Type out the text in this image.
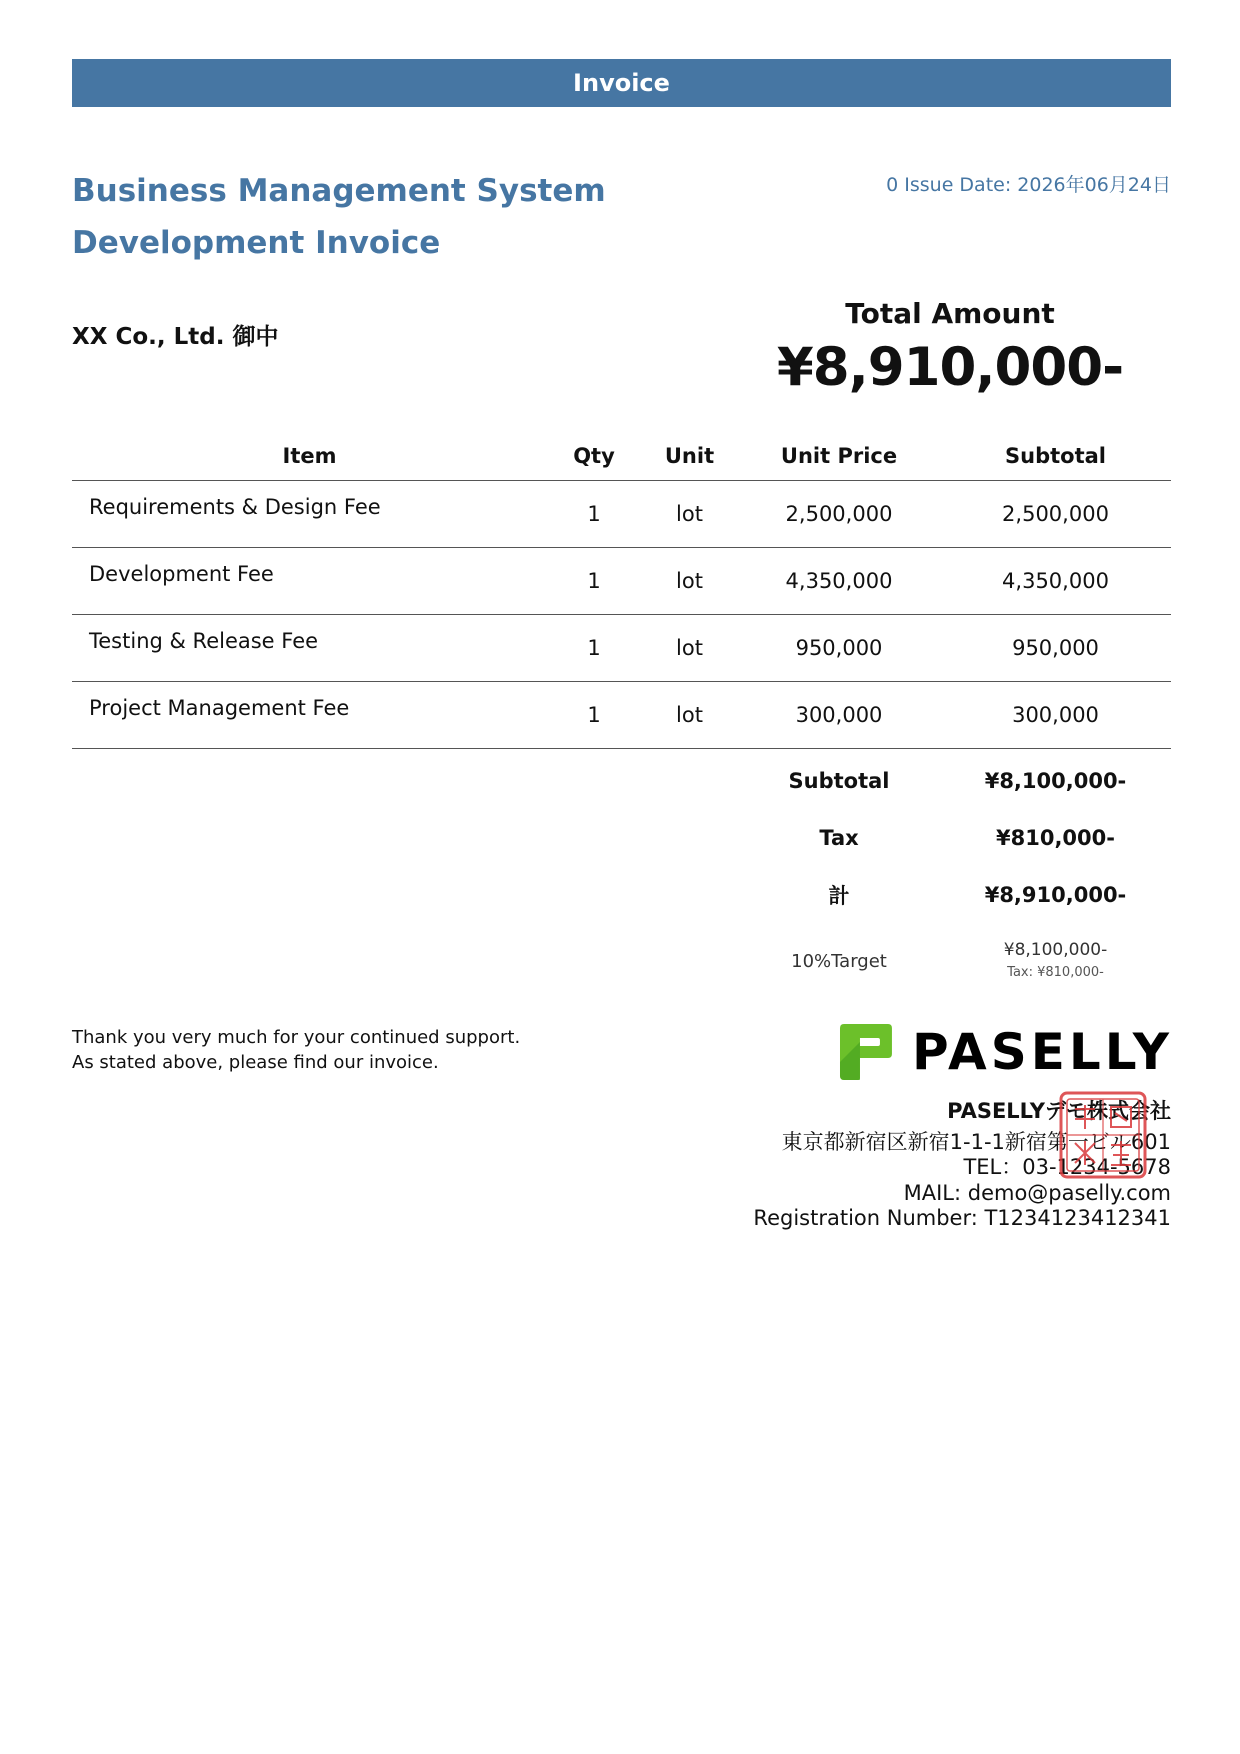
Invoice
Business Management System Development Invoice
0 Issue Date: 2026年06月24日
XX Co., Ltd. 御中
Total Amount
¥8,910,000-
Item	Qty	Unit	Unit Price	Subtotal
Requirements & Design Fee	1	lot	2,500,000	2,500,000
Development Fee	1	lot	4,350,000	4,350,000
Testing & Release Fee	1	lot	950,000	950,000
Project Management Fee	1	lot	300,000	300,000
Subtotal	¥8,100,000-
Tax	¥810,000-
計	¥8,910,000-
10%Target	¥8,100,000-
Tax: ¥810,000-
Thank you very much for your continued support.
As stated above, please find our invoice.	PASELLY
PASELLYデモ株式会社
東京都新宿区新宿1-1-1新宿第一ビル601
TEL：03-1234-5678
MAIL: demo@paselly.com
Registration Number: T1234123412341
